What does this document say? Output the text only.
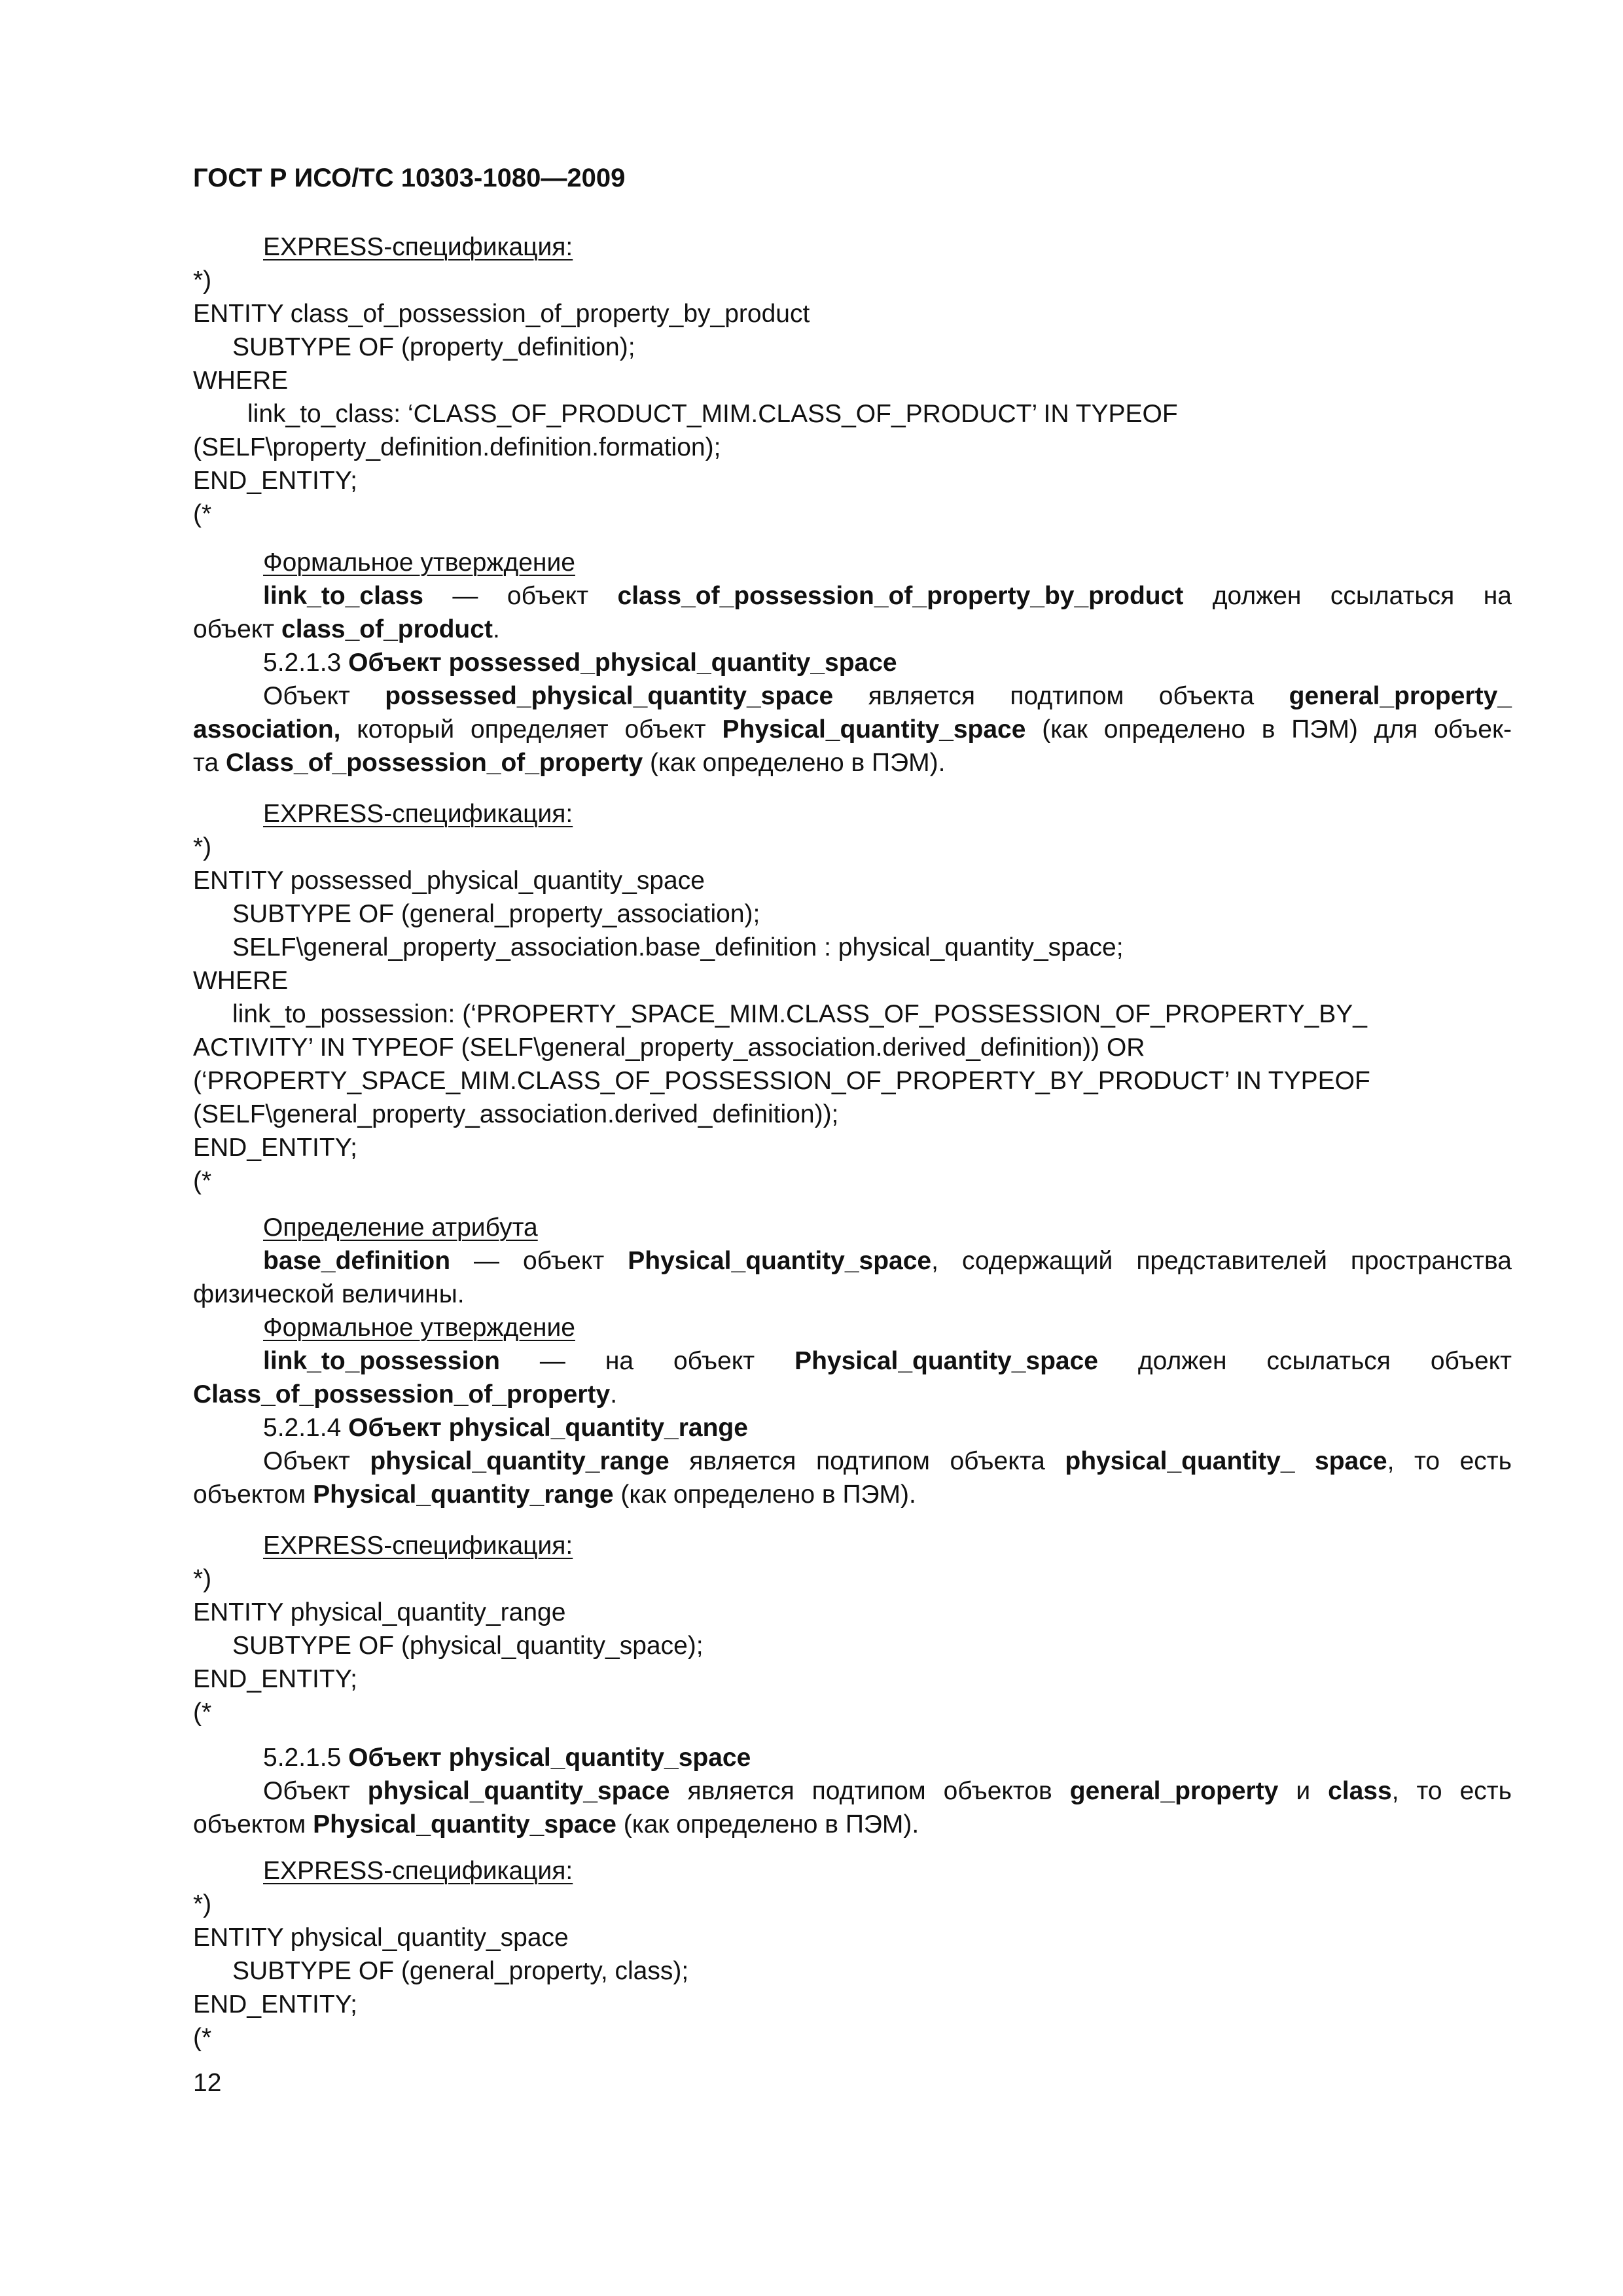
ГОСТ Р ИСО/ТС 10303-1080—2009

EXPRESS-спецификация:

*)

ENTITY class_of_possession_of_property_by_product

SUBTYPE OF (property_definition);

WHERE

link_to_class: ‘CLASS_OF_PRODUCT_MIM.CLASS_OF_PRODUCT’ IN TYPEOF

(SELF\property_definition.definition.formation);

END_ENTITY;

(*

Формальное утверждение

link_to_class — объект class_of_possession_of_property_by_product должен ссылаться на

объект class_of_product.

5.2.1.3 Объект possessed_physical_quantity_space

Объект possessed_physical_quantity_space является подтипом объекта general_property_

association, который определяет объект Physical_quantity_space (как определено в ПЭМ) для объек-

та Class_of_possession_of_property (как определено в ПЭМ).

EXPRESS-спецификация:

*)

ENTITY possessed_physical_quantity_space

SUBTYPE OF (general_property_association);

SELF\general_property_association.base_definition : physical_quantity_space;

WHERE

link_to_possession: (‘PROPERTY_SPACE_MIM.CLASS_OF_POSSESSION_OF_PROPERTY_BY_

ACTIVITY’ IN TYPEOF (SELF\general_property_association.derived_definition)) OR

(‘PROPERTY_SPACE_MIM.CLASS_OF_POSSESSION_OF_PROPERTY_BY_PRODUCT’ IN TYPEOF

(SELF\general_property_association.derived_definition));

END_ENTITY;

(*

Определение атрибута

base_definition — объект Physical_quantity_space, содержащий представителей пространства

физической величины.

Формальное утверждение

link_to_possession — на объект Physical_quantity_space должен ссылаться объект

Class_of_possession_of_property.

5.2.1.4 Объект physical_quantity_range

Объект physical_quantity_range является подтипом объекта physical_quantity_ space, то есть

объектом Physical_quantity_range (как определено в ПЭМ).

EXPRESS-спецификация:

*)

ENTITY physical_quantity_range

SUBTYPE OF (physical_quantity_space);

END_ENTITY;

(*

5.2.1.5 Объект physical_quantity_space

Объект physical_quantity_space является подтипом объектов general_property и class, то есть

объектом Physical_quantity_space (как определено в ПЭМ).

EXPRESS-спецификация:

*)

ENTITY physical_quantity_space

SUBTYPE OF (general_property, class);

END_ENTITY;

(*

12
